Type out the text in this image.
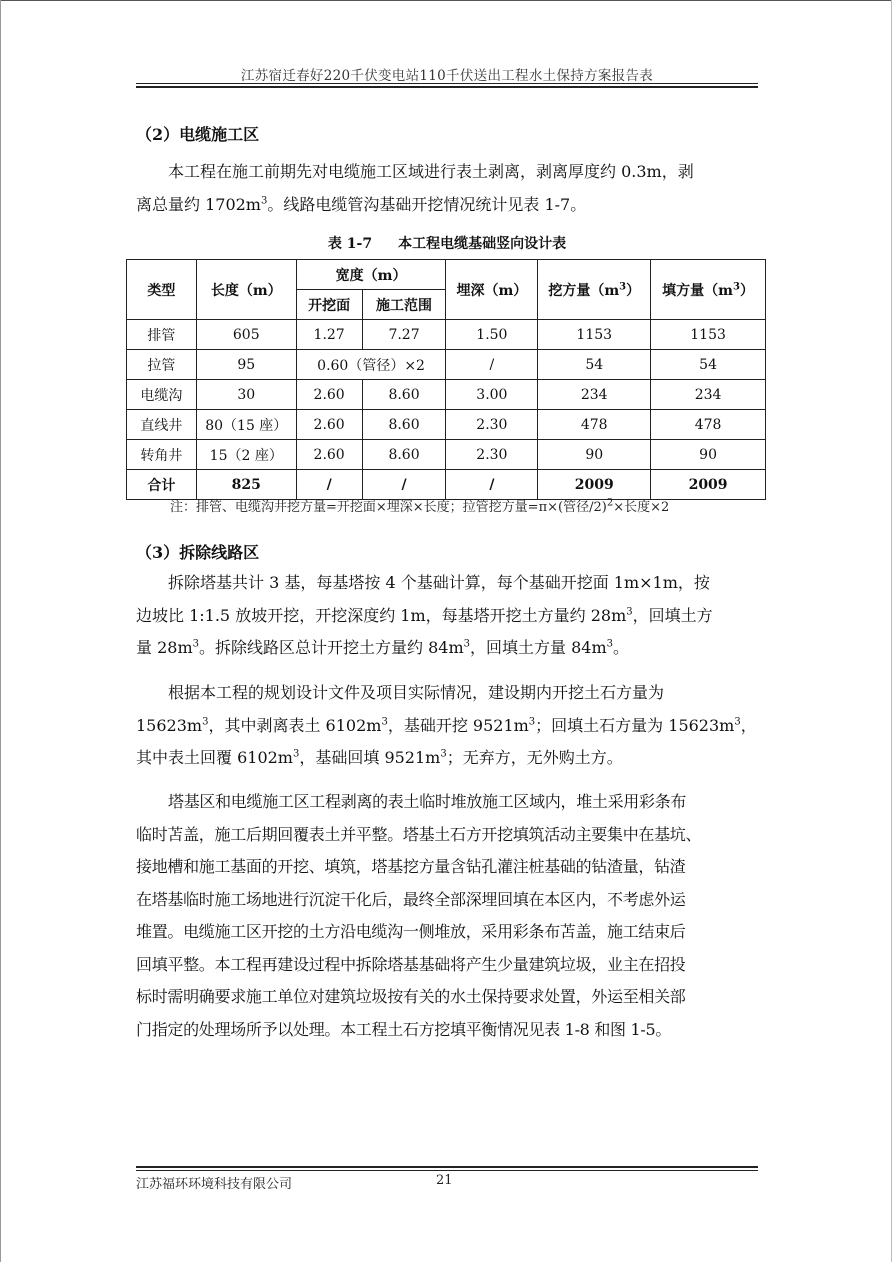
江苏宿迁春好220千伏变电站110千伏送出工程水土保持方案报告表
（2）电缆施工区
本工程在施工前期先对电缆施工区域进行表土剥离，剥离厚度约 0.3m，剥
离总量约 $1702m^3$。线路电缆管沟基础开挖情况统计见表 1-7。
表 1-7 本工程电缆基础竖向设计表
类型	长度（m）	宽度（m）		埋深（m）	挖方量$(m^3)$	填方量$(m^3)$
		开挖面	施工范围			
排管	605	1.27	7.27	1.50	1153	1153
拉管	95	0.60（管径）×2		/	54	54
电缆沟	30	2.60	8.60	3.00	234	234
直线井	80（15 座）	2.60	8.60	2.30	478	478
转角井	15（2 座）	2.60	8.60	2.30	90	90
合计	825	/	/	/	2009	2009
注：排管、电缆沟井挖方量=开挖面×埋深×长度；拉管挖方量=π×(管径/2)$^2$×长度×2
（3）拆除线路区
拆除塔基共计 3 基，每基塔按 4 个基础计算，每个基础开挖面 1m×1m，按
边坡比 1:1.5 放坡开挖，开挖深度约 1m，每基塔开挖土方量约 $28m^3$，回填土方
量 $28m^3$。拆除线路区总计开挖土方量约 $84m^3$，回填土方量 $84m^3$。
根据本工程的规划设计文件及项目实际情况，建设期内开挖土石方量为
$15623m^3$，其中剥离表土 $6102m^3$，基础开挖 $9521m^3$；回填土石方量为 $15623m^3$，
其中表土回覆 $6102m^3$，基础回填 $9521m^3$；无弃方，无外购土方。
塔基区和电缆施工区工程剥离的表土临时堆放施工区域内，堆土采用彩条布
临时苫盖，施工后期回覆表土并平整。塔基土石方开挖填筑活动主要集中在基坑、
接地槽和施工基面的开挖、填筑，塔基挖方量含钻孔灌注桩基础的钻渣量，钻渣
在塔基临时施工场地进行沉淀干化后，最终全部深埋回填在本区内，不考虑外运
堆置。电缆施工区开挖的土方沿电缆沟一侧堆放，采用彩条布苫盖，施工结束后
回填平整。本工程再建设过程中拆除塔基基础将产生少量建筑垃圾，业主在招投
标时需明确要求施工单位对建筑垃圾按有关的水土保持要求处置，外运至相关部
门指定的处理场所予以处理。本工程土石方挖填平衡情况见表 1-8 和图 1-5。
江苏福环环境科技有限公司	21
